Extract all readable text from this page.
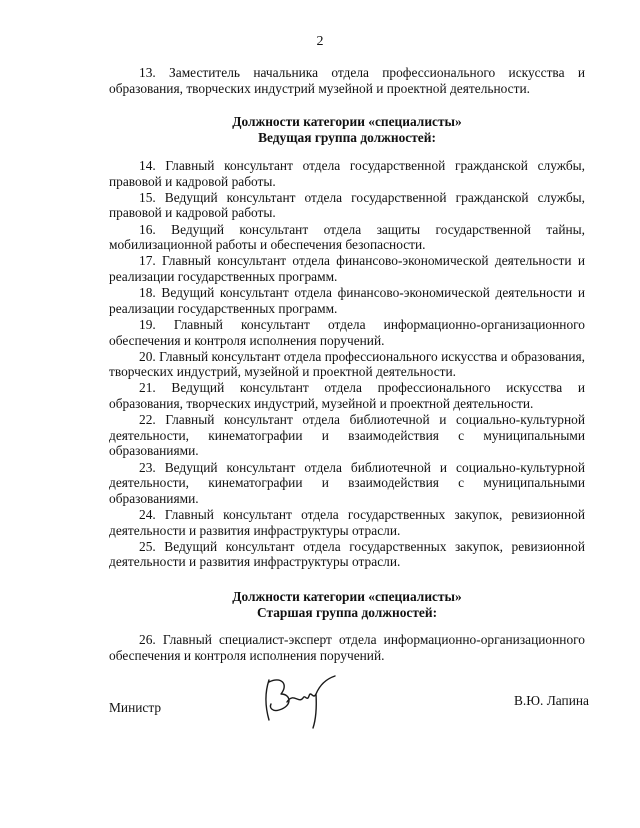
2

13. Заместитель начальника отдела профессионального искусства и образования, творческих индустрий музейной и проектной деятельности.

Должности категории «специалисты»
Ведущая группа должностей:

14. Главный консультант отдела государственной гражданской службы, правовой и кадровой работы.

15. Ведущий консультант отдела государственной гражданской службы, правовой и кадровой работы.

16. Ведущий консультант отдела защиты государственной тайны, мобилизационной работы и обеспечения безопасности.

17. Главный консультант отдела финансово-экономической деятельности и реализации государственных программ.

18. Ведущий консультант отдела финансово-экономической деятельности и реализации государственных программ.

19. Главный консультант отдела информационно-организационного обеспечения и контроля исполнения поручений.

20. Главный консультант отдела профессионального искусства и образования, творческих индустрий, музейной и проектной деятельности.

21. Ведущий консультант отдела профессионального искусства и образования, творческих индустрий, музейной и проектной деятельности.

22. Главный консультант отдела библиотечной и социально-культурной деятельности, кинематографии и взаимодействия с муниципальными образованиями.

23. Ведущий консультант отдела библиотечной и социально-культурной деятельности, кинематографии и взаимодействия с муниципальными образованиями.

24. Главный консультант отдела государственных закупок, ревизионной деятельности и развития инфраструктуры отрасли.

25. Ведущий консультант отдела государственных закупок, ревизионной деятельности и развития инфраструктуры отрасли.

Должности категории «специалисты»
Старшая группа должностей:

26. Главный специалист-эксперт отдела информационно-организационного обеспечения и контроля исполнения поручений.

Министр	В.Ю. Лапина
